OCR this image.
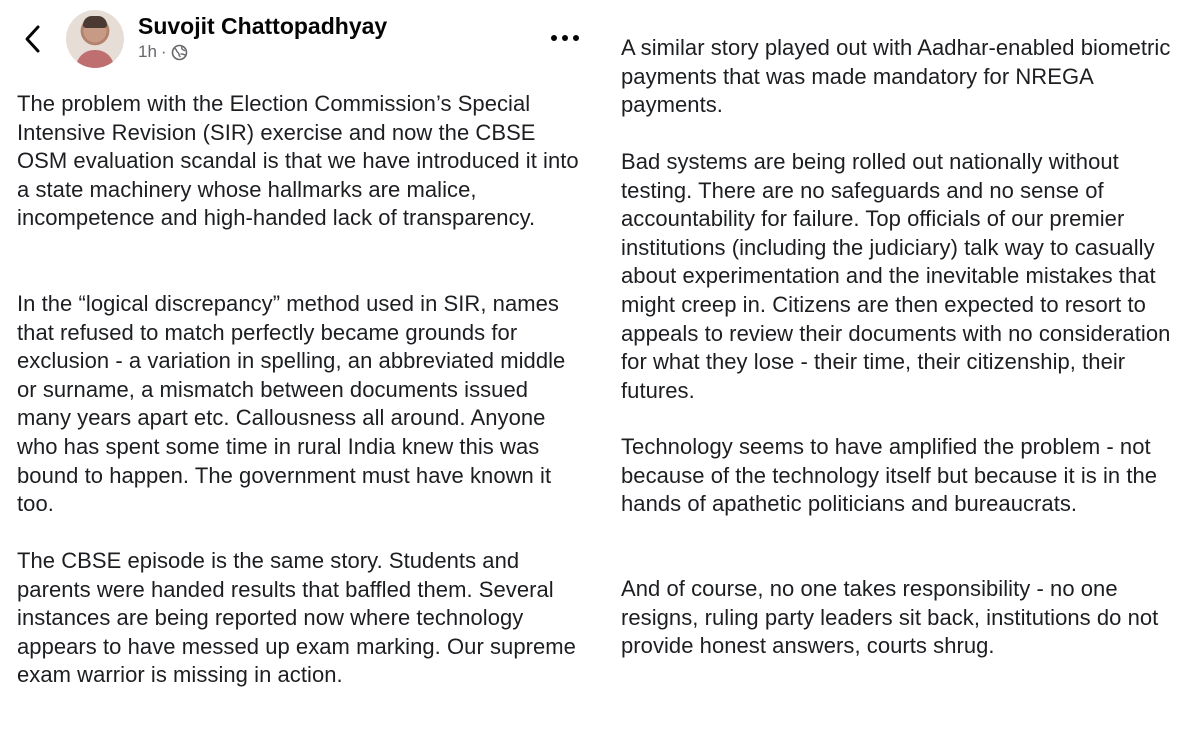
Suvojit Chattopadhyay
1h ·

The problem with the Election Commission’s Special Intensive Revision (SIR) exercise and now the CBSE OSM evaluation scandal is that we have introduced it into a state machinery whose hallmarks are malice, incompetence and high-handed lack of transparency.

In the “logical discrepancy” method used in SIR, names that refused to match perfectly became grounds for exclusion - a variation in spelling, an abbreviated middle or surname, a mismatch between documents issued many years apart etc. Callousness all around. Anyone who has spent some time in rural India knew this was bound to happen. The government must have known it too.

The CBSE episode is the same story. Students and parents were handed results that baffled them. Several instances are being reported now where technology appears to have messed up exam marking. Our supreme exam warrior is missing in action.

A similar story played out with Aadhar-enabled biometric payments that was made mandatory for NREGA payments.

Bad systems are being rolled out nationally without testing. There are no safeguards and no sense of accountability for failure. Top officials of our premier institutions (including the judiciary) talk way to casually about experimentation and the inevitable mistakes that might creep in. Citizens are then expected to resort to appeals to review their documents with no consideration for what they lose - their time, their citizenship, their futures.

Technology seems to have amplified the problem - not because of the technology itself but because it is in the hands of apathetic politicians and bureaucrats.

And of course, no one takes responsibility - no one resigns, ruling party leaders sit back, institutions do not provide honest answers, courts shrug.
